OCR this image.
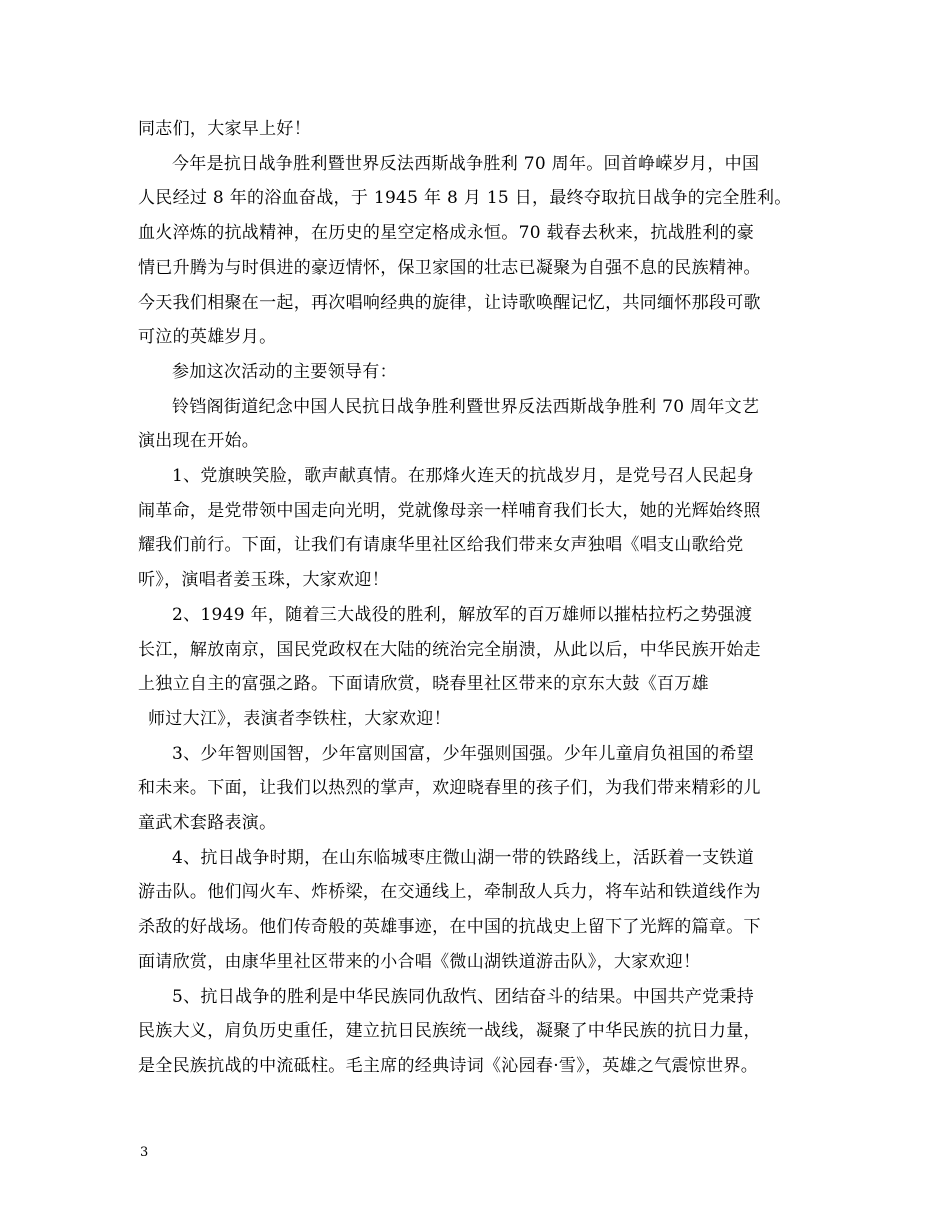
同志们，大家早上好！
今年是抗日战争胜利暨世界反法西斯战争胜利 70 周年。回首峥嵘岁月，中国
人民经过 8 年的浴血奋战，于 1945 年 8 月 15 日，最终夺取抗日战争的完全胜利。
血火淬炼的抗战精神，在历史的星空定格成永恒。70 载春去秋来，抗战胜利的豪
情已升腾为与时俱进的豪迈情怀，保卫家国的壮志已凝聚为自强不息的民族精神。
今天我们相聚在一起，再次唱响经典的旋律，让诗歌唤醒记忆，共同缅怀那段可歌
可泣的英雄岁月。
参加这次活动的主要领导有：
铃铛阁街道纪念中国人民抗日战争胜利暨世界反法西斯战争胜利 70 周年文艺
演出现在开始。
1、党旗映笑脸，歌声献真情。在那烽火连天的抗战岁月，是党号召人民起身
闹革命，是党带领中国走向光明，党就像母亲一样哺育我们长大，她的光辉始终照
耀我们前行。下面，让我们有请康华里社区给我们带来女声独唱《唱支山歌给党
听》，演唱者姜玉珠，大家欢迎！
2、1949 年，随着三大战役的胜利，解放军的百万雄师以摧枯拉朽之势强渡
长江，解放南京，国民党政权在大陆的统治完全崩溃，从此以后，中华民族开始走
上独立自主的富强之路。下面请欣赏，晓春里社区带来的京东大鼓《百万雄
师过大江》，表演者李铁柱，大家欢迎！
3、少年智则国智，少年富则国富，少年强则国强。少年儿童肩负祖国的希望
和未来。下面，让我们以热烈的掌声，欢迎晓春里的孩子们，为我们带来精彩的儿
童武术套路表演。
4、抗日战争时期，在山东临城枣庄微山湖一带的铁路线上，活跃着一支铁道
游击队。他们闯火车、炸桥梁，在交通线上，牵制敌人兵力，将车站和铁道线作为
杀敌的好战场。他们传奇般的英雄事迹，在中国的抗战史上留下了光辉的篇章。下
面请欣赏，由康华里社区带来的小合唱《微山湖铁道游击队》，大家欢迎！
5、抗日战争的胜利是中华民族同仇敌忾、团结奋斗的结果。中国共产党秉持
民族大义，肩负历史重任，建立抗日民族统一战线，凝聚了中华民族的抗日力量，
是全民族抗战的中流砥柱。毛主席的经典诗词《沁园春·雪》，英雄之气震惊世界。
3
